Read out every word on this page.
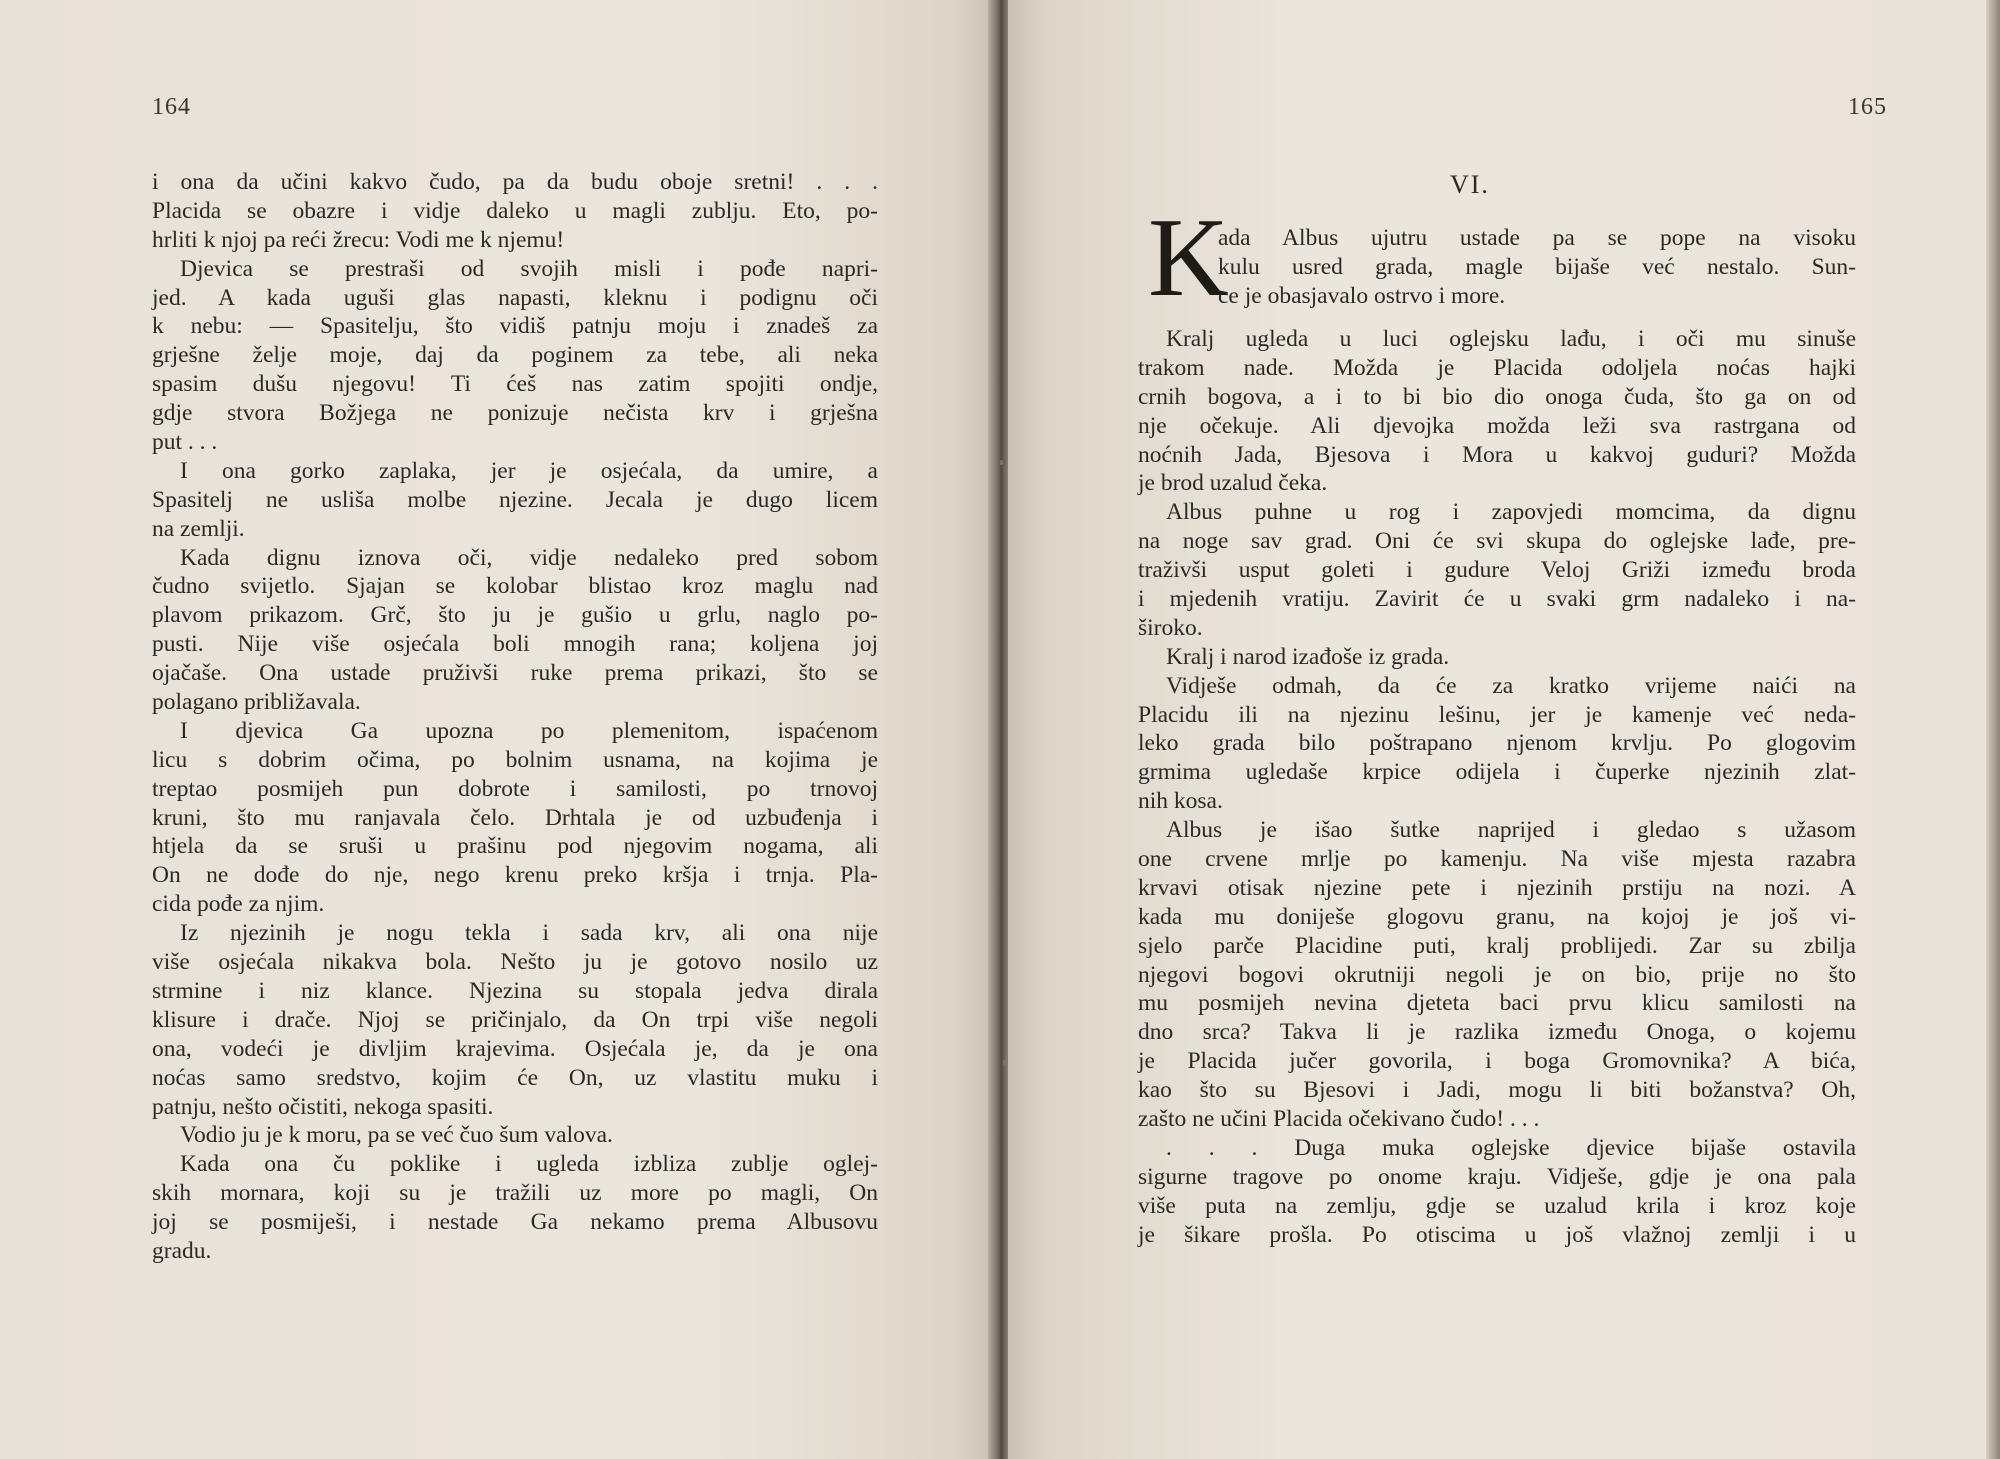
164
i ona da učini kakvo čudo, pa da budu oboje sretni! . . .
Placida se obazre i vidje daleko u magli zublju. Eto, po-
hrliti k njoj pa reći žrecu: Vodi me k njemu!
Djevica se prestraši od svojih misli i pođe napri-
jed. A kada uguši glas napasti, kleknu i podignu oči
k nebu: — Spasitelju, što vidiš patnju moju i znadeš za
grješne želje moje, daj da poginem za tebe, ali neka
spasim dušu njegovu! Ti ćeš nas zatim spojiti ondje,
gdje stvora Božjega ne ponizuje nečista krv i grješna
put . . .
I ona gorko zaplaka, jer je osjećala, da umire, a
Spasitelj ne usliša molbe njezine. Jecala je dugo licem
na zemlji.
Kada dignu iznova oči, vidje nedaleko pred sobom
čudno svijetlo. Sjajan se kolobar blistao kroz maglu nad
plavom prikazom. Grč, što ju je gušio u grlu, naglo po-
pusti. Nije više osjećala boli mnogih rana; koljena joj
ojačaše. Ona ustade pruživši ruke prema prikazi, što se
polagano približavala.
I djevica Ga upozna po plemenitom, ispaćenom
licu s dobrim očima, po bolnim usnama, na kojima je
treptao posmijeh pun dobrote i samilosti, po trnovoj
kruni, što mu ranjavala čelo. Drhtala je od uzbuđenja i
htjela da se sruši u prašinu pod njegovim nogama, ali
On ne dođe do nje, nego krenu preko kršja i trnja. Pla-
cida pođe za njim.
Iz njezinih je nogu tekla i sada krv, ali ona nije
više osjećala nikakva bola. Nešto ju je gotovo nosilo uz
strmine i niz klance. Njezina su stopala jedva dirala
klisure i drače. Njoj se pričinjalo, da On trpi više negoli
ona, vodeći je divljim krajevima. Osjećala je, da je ona
noćas samo sredstvo, kojim će On, uz vlastitu muku i
patnju, nešto očistiti, nekoga spasiti.
Vodio ju je k moru, pa se već čuo šum valova.
Kada ona ču poklike i ugleda izbliza zublje oglej-
skih mornara, koji su je tražili uz more po magli, On
joj se posmiješi, i nestade Ga nekamo prema Albusovu
gradu.
165
VI.
K
ada Albus ujutru ustade pa se pope na visoku
kulu usred grada, magle bijaše već nestalo. Sun-
ce je obasjavalo ostrvo i more.
Kralj ugleda u luci oglejsku lađu, i oči mu sinuše
trakom nade. Možda je Placida odoljela noćas hajki
crnih bogova, a i to bi bio dio onoga čuda, što ga on od
nje očekuje. Ali djevojka možda leži sva rastrgana od
noćnih Jada, Bjesova i Mora u kakvoj guduri? Možda
je brod uzalud čeka.
Albus puhne u rog i zapovjedi momcima, da dignu
na noge sav grad. Oni će svi skupa do oglejske lađe, pre-
traživši usput goleti i gudure Veloj Griži između broda
i mjedenih vratiju. Zavirit će u svaki grm nadaleko i na-
široko.
Kralj i narod izađoše iz grada.
Vidješe odmah, da će za kratko vrijeme naići na
Placidu ili na njezinu lešinu, jer je kamenje već neda-
leko grada bilo poštrapano njenom krvlju. Po glogovim
grmima ugledaše krpice odijela i čuperke njezinih zlat-
nih kosa.
Albus je išao šutke naprijed i gledao s užasom
one crvene mrlje po kamenju. Na više mjesta razabra
krvavi otisak njezine pete i njezinih prstiju na nozi. A
kada mu doniješe glogovu granu, na kojoj je još vi-
sjelo parče Placidine puti, kralj problijedi. Zar su zbilja
njegovi bogovi okrutniji negoli je on bio, prije no što
mu posmijeh nevina djeteta baci prvu klicu samilosti na
dno srca? Takva li je razlika između Onoga, o kojemu
je Placida jučer govorila, i boga Gromovnika? A bića,
kao što su Bjesovi i Jadi, mogu li biti božanstva? Oh,
zašto ne učini Placida očekivano čudo! . . .
. . . Duga muka oglejske djevice bijaše ostavila
sigurne tragove po onome kraju. Vidješe, gdje je ona pala
više puta na zemlju, gdje se uzalud krila i kroz koje
je šikare prošla. Po otiscima u još vlažnoj zemlji i u
